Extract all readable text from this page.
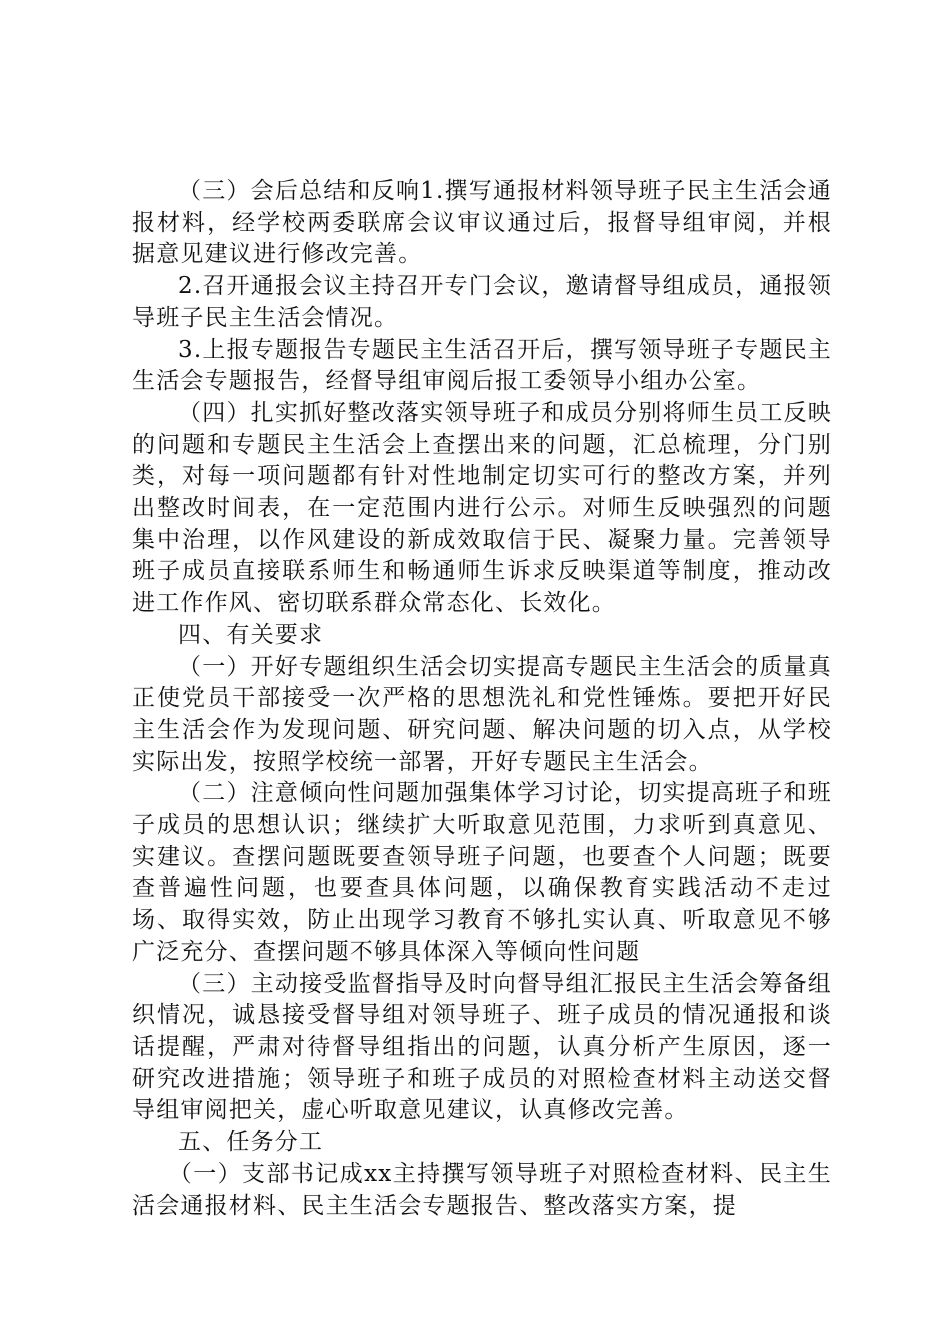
（三）会后总结和反响1.撰写通报材料领导班子民主生活会通报材料，经学校两委联席会议审议通过后，报督导组审阅，并根据意见建议进行修改完善。

2.召开通报会议主持召开专门会议，邀请督导组成员，通报领导班子民主生活会情况。

3.上报专题报告专题民主生活召开后，撰写领导班子专题民主生活会专题报告，经督导组审阅后报工委领导小组办公室。

（四）扎实抓好整改落实领导班子和成员分别将师生员工反映的问题和专题民主生活会上查摆出来的问题，汇总梳理，分门别类，对每一项问题都有针对性地制定切实可行的整改方案，并列出整改时间表，在一定范围内进行公示。对师生反映强烈的问题集中治理，以作风建设的新成效取信于民、凝聚力量。完善领导班子成员直接联系师生和畅通师生诉求反映渠道等制度，推动改进工作作风、密切联系群众常态化、长效化。

四、有关要求

（一）开好专题组织生活会切实提高专题民主生活会的质量真正使党员干部接受一次严格的思想洗礼和党性锤炼。要把开好民主生活会作为发现问题、研究问题、解决问题的切入点，从学校实际出发，按照学校统一部署，开好专题民主生活会。

（二）注意倾向性问题加强集体学习讨论，切实提高班子和班子成员的思想认识；继续扩大听取意见范围，力求听到真意见、实建议。查摆问题既要查领导班子问题，也要查个人问题；既要查普遍性问题，也要查具体问题，以确保教育实践活动不走过场、取得实效，防止出现学习教育不够扎实认真、听取意见不够广泛充分、查摆问题不够具体深入等倾向性问题

（三）主动接受监督指导及时向督导组汇报民主生活会筹备组织情况，诚恳接受督导组对领导班子、班子成员的情况通报和谈话提醒，严肃对待督导组指出的问题，认真分析产生原因，逐一研究改进措施；领导班子和班子成员的对照检查材料主动送交督导组审阅把关，虚心听取意见建议，认真修改完善。

五、任务分工

（一）支部书记成xx主持撰写领导班子对照检查材料、民主生活会通报材料、民主生活会专题报告、整改落实方案，提
